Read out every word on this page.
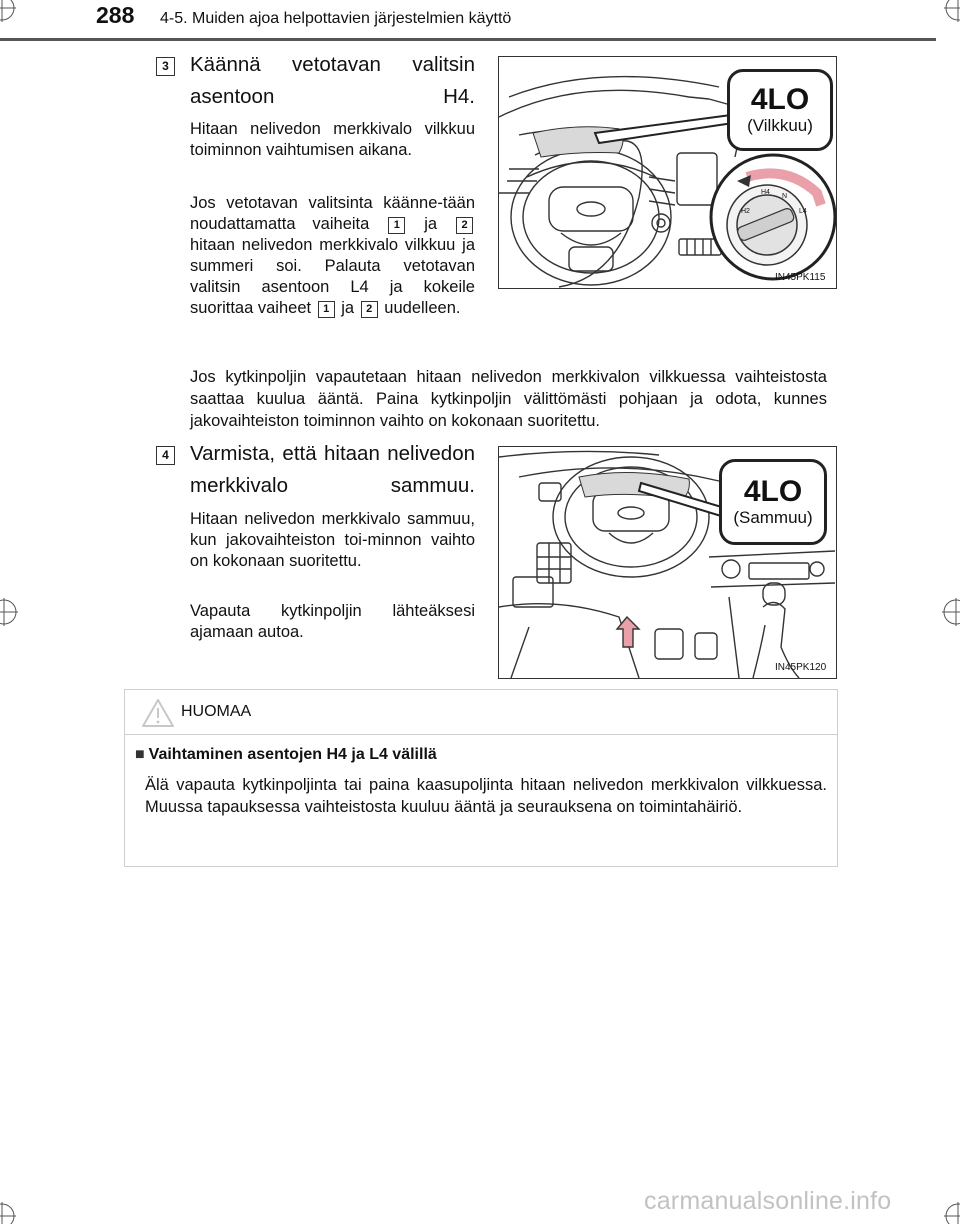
288 4-5. Muiden ajoa helpottavien järjestelmien käyttö
3	Käännä vetotavan valitsin asentoon H4.
Hitaan nelivedon merkkivalo vilkkuu toiminnon vaihtumisen aikana.
Jos vetotavan valitsinta käänne-tään noudattamatta vaiheita 1 ja 2 hitaan nelivedon merkkivalo vilkkuu ja summeri soi. Palauta vetotavan valitsin asentoon L4 ja kokeile suorittaa vaiheet 1 ja 2 uudelleen.
Jos kytkinpoljin vapautetaan hitaan nelivedon merkkivalon vilkkuessa vaihteistosta saattaa kuulua ääntä. Paina kytkinpoljin välittömästi pohjaan ja odota, kunnes jakovaihteiston toiminnon vaihto on kokonaan suoritettu.
H4
N
L4
H2
4LO
(Vilkkuu)
IN45PK115
4	Varmista, että hitaan nelivedon merkkivalo sammuu.
Hitaan nelivedon merkkivalo sammuu, kun jakovaihteiston toi-minnon vaihto on kokonaan suoritettu.
Vapauta kytkinpoljin lähteäksesi ajamaan autoa.
4LO
(Sammuu)
IN45PK120
HUOMAA
■ Vaihtaminen asentojen H4 ja L4 välillä
Älä vapauta kytkinpoljinta tai paina kaasupoljinta hitaan nelivedon merkkivalon vilkkuessa. Muussa tapauksessa vaihteistosta kuuluu ääntä ja seurauksena on toimintahäiriö.
carmanualsonline.info
